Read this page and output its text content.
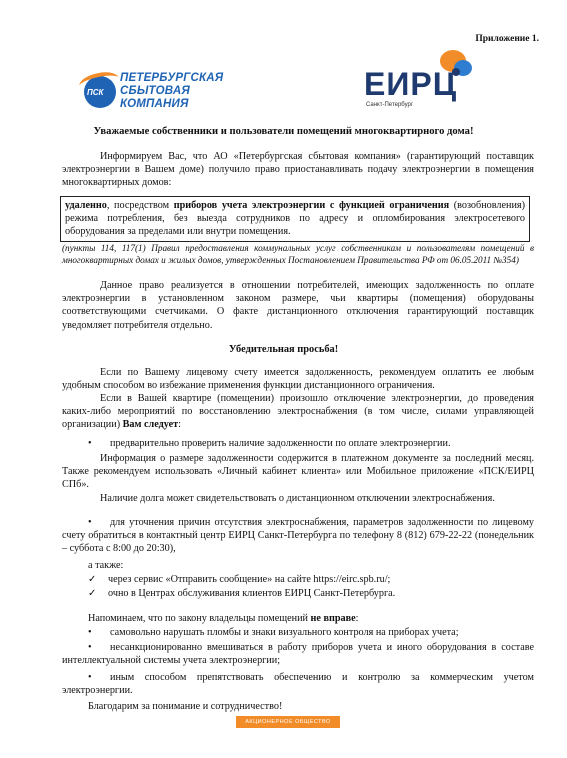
Приложение 1.
ПСК
ПЕТЕРБУРГСКАЯ
СБЫТОВАЯ
КОМПАНИЯ
ЕИРЦ
Санкт-Петербург
Уважаемые собственники и пользователи помещений многоквартирного дома!
Информируем Вас, что АО «Петербургская сбытовая компания» (гарантирующий поставщик электроэнергии в Вашем доме) получило право приостанавливать подачу электроэнергии в помещения многоквартирных домов:
удаленно, посредством приборов учета электроэнергии с функцией ограничения (возобновления) режима потребления, без выезда сотрудников по адресу и опломбирования электросетевого оборудования за пределами или внутри помещения.
(пункты 114, 117(1) Правил предоставления коммунальных услуг собственникам и пользователям помещений в многоквартирных домах и жилых домов, утвержденных Постановлением Правительства РФ от 06.05.2011 №354)
Данное право реализуется в отношении потребителей, имеющих задолженность по оплате электроэнергии в установленном законом размере, чьи квартиры (помещения) оборудованы соответствующими счетчиками. О факте дистанционного отключения гарантирующий поставщик уведомляет потребителя отдельно.
Убедительная просьба!
Если по Вашему лицевому счету имеется задолженность, рекомендуем оплатить ее любым удобным способом во избежание применения функции дистанционного ограничения.
Если в Вашей квартире (помещении) произошло отключение электроэнергии, до проведения каких-либо мероприятий по восстановлению электроснабжения (в том числе, силами управляющей организации) Вам следует:
•	предварительно проверить наличие задолженности по оплате электроэнергии.
Информация о размере задолженности содержится в платежном документе за последний месяц. Также рекомендуем использовать «Личный кабинет клиента» или Мобильное приложение «ПСК/ЕИРЦ СПб».
Наличие долга может свидетельствовать о дистанционном отключении электроснабжения.
•	для уточнения причин отсутствия электроснабжения, параметров задолженности по лицевому счету обратиться в контактный центр ЕИРЦ Санкт-Петербурга по телефону 8 (812) 679-22-22 (понедельник – суббота с 8:00 до 20:30),
а также:
✓ через сервис «Отправить сообщение» на сайте https://eirc.spb.ru/;
✓ очно в Центрах обслуживания клиентов ЕИРЦ Санкт-Петербурга.
Напоминаем, что по закону владельцы помещений не вправе:
•	самовольно нарушать пломбы и знаки визуального контроля на приборах учета;
•	несанкционированно вмешиваться в работу приборов учета и иного оборудования в составе интеллектуальной системы учета электроэнергии;
•	иным способом препятствовать обеспечению и контролю за коммерческим учетом электроэнергии.
Благодарим за понимание и сотрудничество!
АКЦИОНЕРНОЕ ОБЩЕСТВО
